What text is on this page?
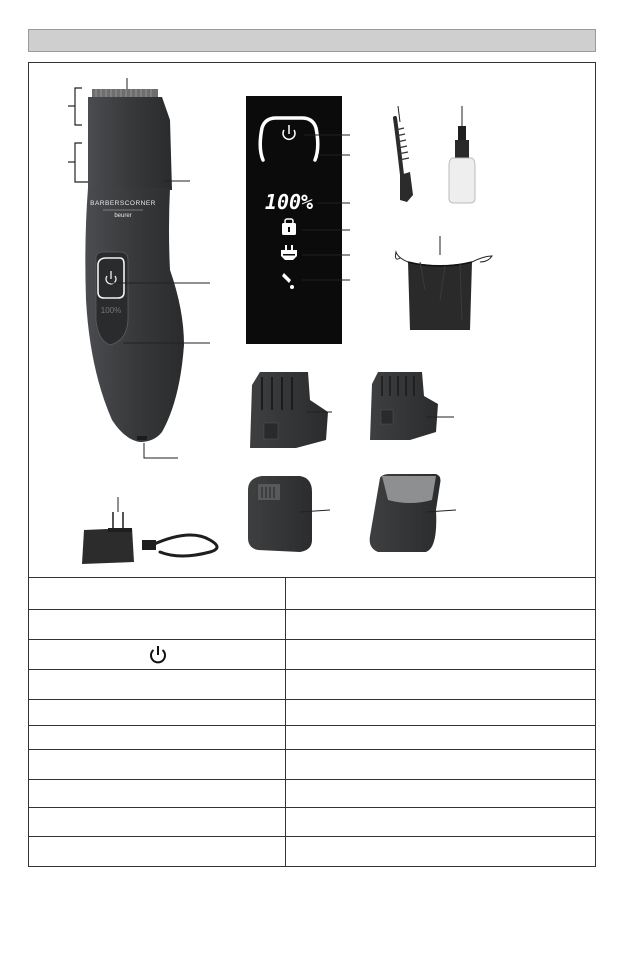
BARBERSCORNER
beurer
100%
100%
